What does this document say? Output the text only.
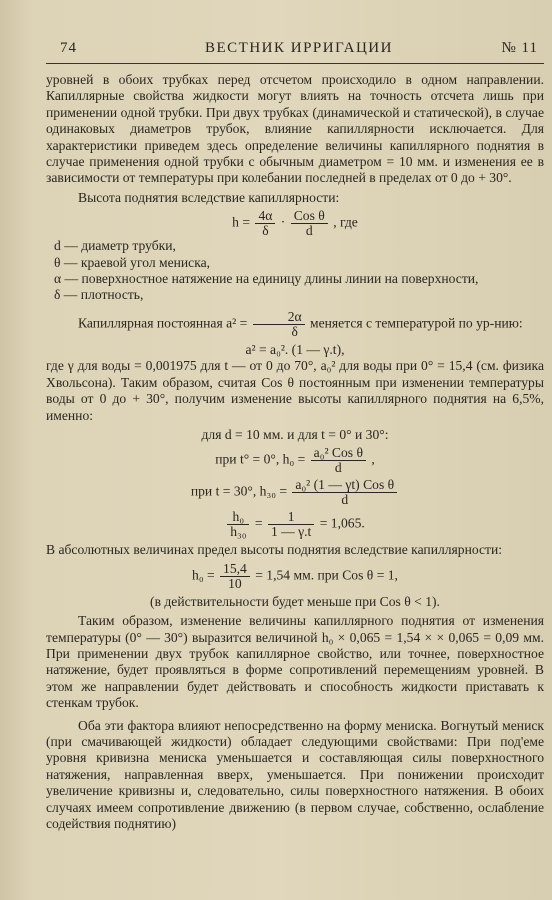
74	ВЕСТНИК ИРРИГАЦИИ	№ 11

уровней в обоих трубках перед отсчетом происходило в одном направлении. Капиллярные свойства жидкости могут влиять на точность отсчета лишь при применении одной трубки. При двух трубках (динамической и статической), в случае одинаковых диаметров трубок, влияние капиллярности исключается. Для характеристики приведем здесь определение величины капиллярного поднятия в случае применения одной трубки с обычным диаметром = 10 мм. и изменения ее в зависимости от температуры при колебании последней в пределах от 0 до + 30°.

Высота поднятия вследствие капиллярности:

$h = \frac{4\alpha}{\delta} \cdot \frac{\text{Cos θ}}{d}$ , где

d — диаметр трубки,

θ — краевой угол мениска,

α — поверхностное натяжение на единицу длины линии на поверхности,

δ — плотность,

Капиллярная постоянная $a^2 = \frac{2\alpha}{\delta}$ меняется с температурой по ур-нию:

a² = a₀². (1 — γ.t),

где γ для воды = 0,001975 для t — от 0 до 70°, a₀² для воды при 0° = 15,4 (см. физика Хвольсона). Таким образом, считая Cos θ постоянным при изменении температуры воды от 0 до + 30°, получим изменение высоты капиллярного поднятия на 6,5%, именно:

для d = 10 мм. и для t = 0° и 30°:
при t° = 0°, $h_0 = \frac{\text{a₀² Cos θ}}{d}$ ,
при t = 30°, $h_{30} = \frac{\text{a₀² (1 — γt) Cos θ}}{d}$
$\frac{\text{h₀}}{\text{h₃₀}} = \frac{1}{1 — \gamma.t} = 1,065$.

В абсолютных величинах предел высоты поднятия вследствие капиллярности:

$h_0 = \frac{15,4}{10} = 1,54$ мм. при Cos θ = 1,
(в действительности будет меньше при Cos θ < 1).

Таким образом, изменение величины капиллярного поднятия от изменения температуры (0° — 30°) выразится величиной h₀ × 0,065 = 1,54 × × 0,065 = 0,09 мм. При применении двух трубок капиллярное свойство, или точнее, поверхностное натяжение, будет проявляться в форме сопротивлений перемещениям уровней. В этом же направлении будет действовать и способность жидкости приставать к стенкам трубок.

Оба эти фактора влияют непосредственно на форму мениска. Вогнутый мениск (при смачивающей жидкости) обладает следующими свойствами: При под'еме уровня кривизна мениска уменьшается и составляющая силы поверхностного натяжения, направленная вверх, уменьшается. При понижении происходит увеличение кривизны и, следовательно, силы поверхностного натяжения. В обоих случаях имеем сопротивление движению (в первом случае, собственно, ослабление содействия поднятию)
